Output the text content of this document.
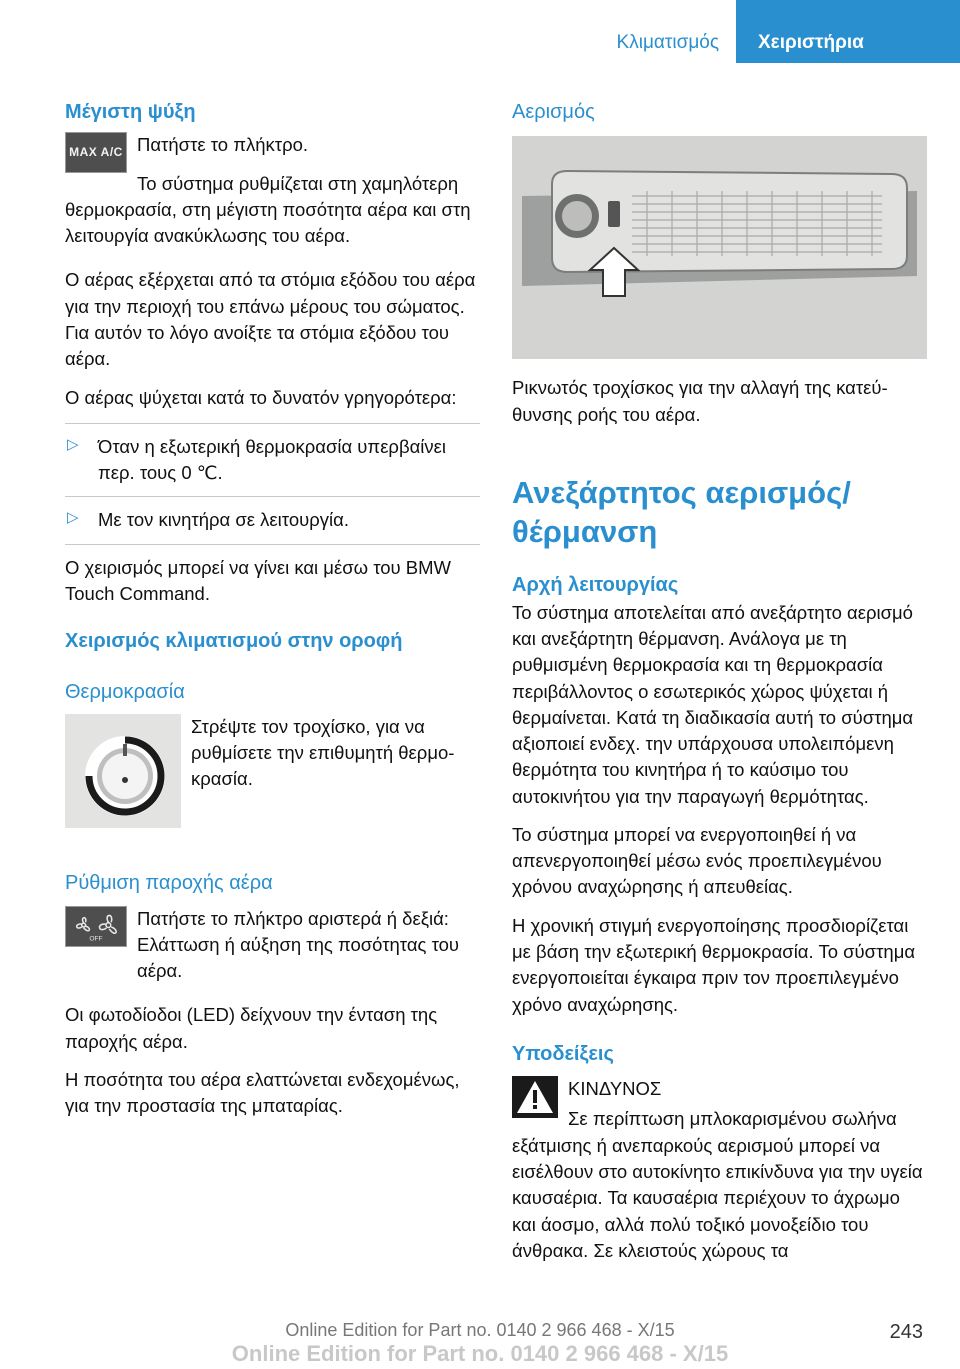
Κλιματισμός	Χειριστήρια
Μέγιστη ψύξη
MAX A/C Πατήστε το πλήκτρο.

Το σύστημα ρυθμίζεται στη χαμηλότερη θερμοκρασία, στη μέγιστη ποσότητα αέρα και στη λειτουργία ανακύκλωσης του αέρα.

Ο αέρας εξέρχεται από τα στόμια εξόδου του αέρα για την περιοχή του επάνω μέρους του σώματος. Για αυτόν το λόγο ανοίξτε τα στόμια εξόδου του αέρα.

Ο αέρας ψύχεται κατά το δυνατόν γρηγορότερα:

▷ Όταν η εξωτερική θερμοκρασία υπερβαίνει περ. τους 0 ℃.
▷ Με τον κινητήρα σε λειτουργία.

Ο χειρισμός μπορεί να γίνει και μέσω του BMW Touch Command.

Χειρισμός κλιματισμού στην οροφή
Θερμοκρασία

Στρέψτε τον τροχίσκο, για να ρυθμίσετε την επιθυμητή θερμοκρασία.

Ρύθμιση παροχής αέρα
OFF

Πατήστε το πλήκτρο αριστερά ή δεξιά: Ελάττωση ή αύξηση της ποσότητας του αέρα.

Οι φωτοδίοδοι (LED) δείχνουν την ένταση της παροχής αέρα.

Η ποσότητα του αέρα ελαττώνεται ενδεχομένως, για την προστασία της μπαταρίας.

Αερισμός

Ρικνωτός τροχίσκος για την αλλαγή της κατεύθυνσης ροής του αέρα.

Ανεξάρτητος αερισμός/ θέρμανση
Αρχή λειτουργίας

Το σύστημα αποτελείται από ανεξάρτητο αερισμό και ανεξάρτητη θέρμανση. Ανάλογα με τη ρυθμισμένη θερμοκρασία και τη θερμοκρασία περιβάλλοντος ο εσωτερικός χώρος ψύχεται ή θερμαίνεται. Κατά τη διαδικασία αυτή το σύστημα αξιοποιεί ενδεχ. την υπάρχουσα υπολειπόμενη θερμότητα του κινητήρα ή το καύσιμο του αυτοκινήτου για την παραγωγή θερμότητας.

Το σύστημα μπορεί να ενεργοποιηθεί ή να απενεργοποιηθεί μέσω ενός προεπιλεγμένου χρόνου αναχώρησης ή απευθείας.

Η χρονική στιγμή ενεργοποίησης προσδιορίζεται με βάση την εξωτερική θερμοκρασία. Το σύστημα ενεργοποιείται έγκαιρα πριν τον προεπιλεγμένο χρόνο αναχώρησης.

Υποδείξεις

ΚΙΝΔΥΝΟΣ

Σε περίπτωση μπλοκαρισμένου σωλήνα εξάτμισης ή ανεπαρκούς αερισμού μπορεί να εισέλθουν στο αυτοκίνητο επικίνδυνα για την υγεία καυσαέρια. Τα καυσαέρια περιέχουν το άχρωμο και άοσμο, αλλά πολύ τοξικό μονοξείδιο του άνθρακα. Σε κλειστούς χώρους τα

Online Edition for Part no. 0140 2 966 468 - X/15	243
Online Edition for Part no. 0140 2 966 468 - X/15
